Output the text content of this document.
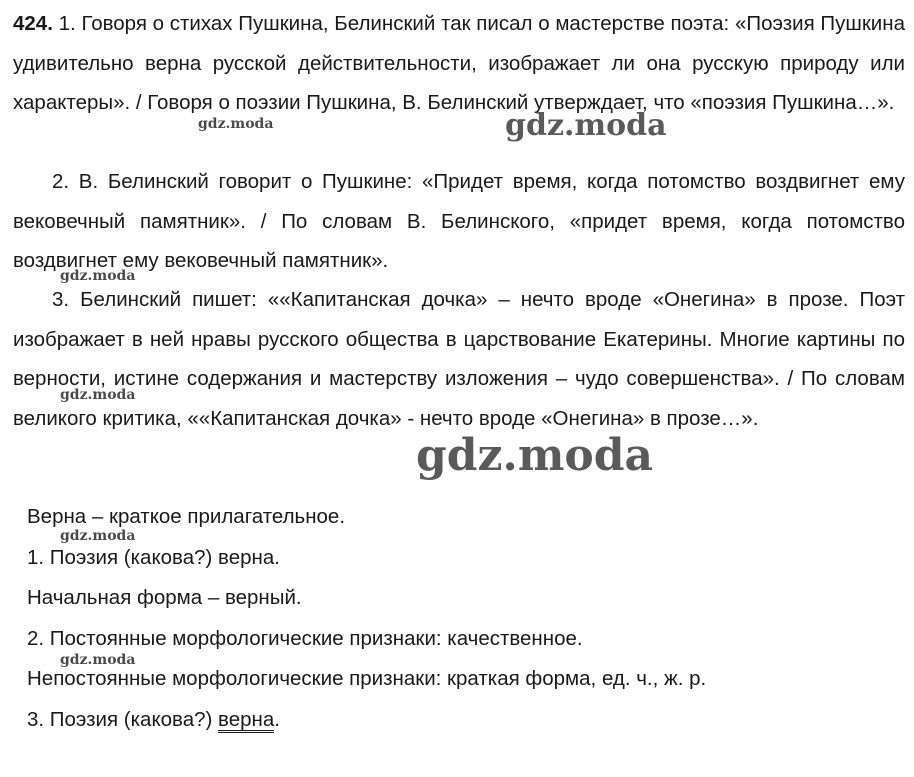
424. 1. Говоря о стихах Пушкина, Белинский так писал о мастерстве поэта: «Поэзия Пушкина удивительно верна русской действительности, изображает ли она русскую природу или характеры». / Говоря о поэзии Пушкина, В. Белинский утверждает, что «поэзия Пушкина…».

2. В. Белинский говорит о Пушкине: «Придет время, когда потомство воздвигнет ему вековечный памятник». / По словам В. Белинского, «придет время, когда потомство воздвигнет ему вековечный памятник».

3. Белинский пишет: ««Капитанская дочка» – нечто вроде «Онегина» в прозе. Поэт изображает в ней нравы русского общества в царствование Екатерины. Многие картины по верности, истине содержания и мастерству изложения – чудо совершенства». / По словам великого критика, ««Капитанская дочка» - нечто вроде «Онегина» в прозе…».

Верна – краткое прилагательное.
1. Поэзия (какова?) верна.
Начальная форма – верный.
2. Постоянные морфологические признаки: качественное.
Непостоянные морфологические признаки: краткая форма, ед. ч., ж. р.
3. Поэзия (какова?) верна.
gdz.moda	gdz.moda
gdz.moda
gdz.moda
gdz.moda
gdz.moda
gdz.moda
